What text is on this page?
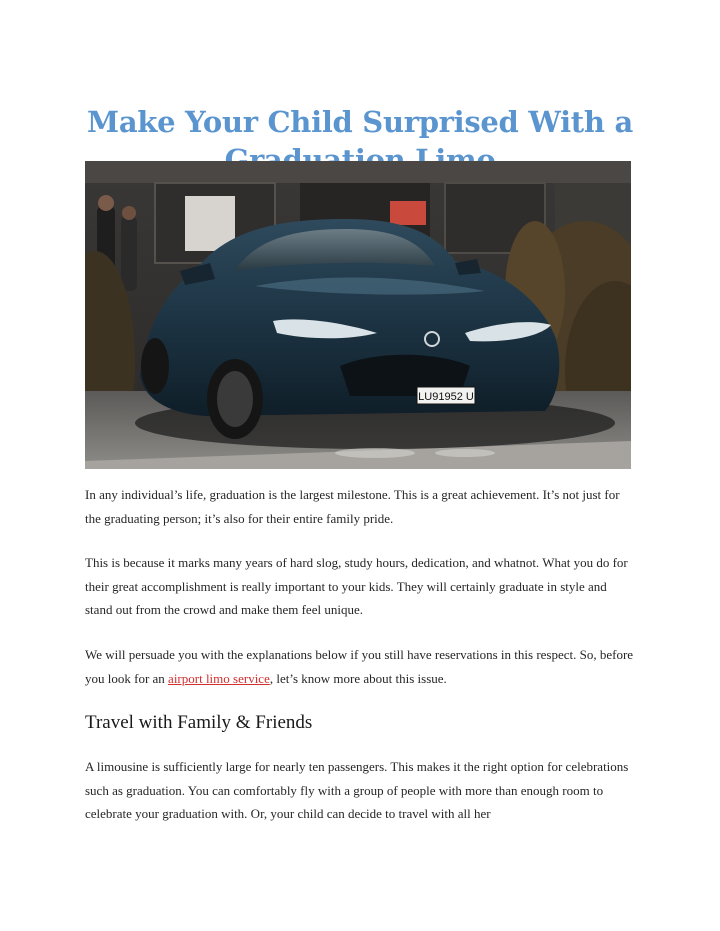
Make Your Child Surprised With a
LU91952 U

In any individual’s life, graduation is the largest milestone. This is a great achievement. It’s not just for the graduating person; it’s also for their entire family pride.

This is because it marks many years of hard slog, study hours, dedication, and whatnot. What you do for their great accomplishment is really important to your kids. They will certainly graduate in style and stand out from the crowd and make them feel unique.

We will persuade you with the explanations below if you still have reservations in this respect. So, before you look for an airport limo service, let’s know more about this issue.

Travel with Family & Friends

A limousine is sufficiently large for nearly ten passengers. This makes it the right option for celebrations such as graduation. You can comfortably fly with a group of people with more than enough room to celebrate your graduation with. Or, your child can decide to travel with all her
